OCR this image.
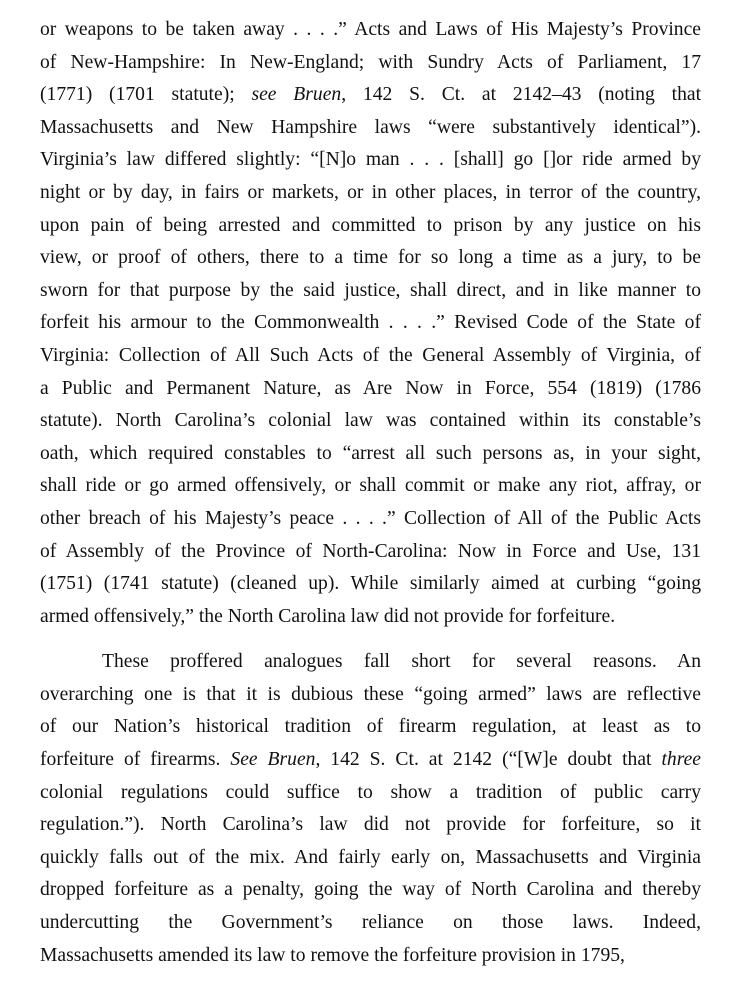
or weapons to be taken away . . . .” Acts and Laws of His Majesty’s Province
of New-Hampshire: In New-England; with Sundry Acts of Parliament, 17
(1771) (1701 statute); see Bruen, 142 S. Ct. at 2142–43 (noting that
Massachusetts and New Hampshire laws “were substantively identical”).
Virginia’s law differed slightly: “[N]o man . . . [shall] go []or ride armed by
night or by day, in fairs or markets, or in other places, in terror of the country,
upon pain of being arrested and committed to prison by any justice on his
view, or proof of others, there to a time for so long a time as a jury, to be
sworn for that purpose by the said justice, shall direct, and in like manner to
forfeit his armour to the Commonwealth . . . .” Revised Code of the State of
Virginia: Collection of All Such Acts of the General Assembly of Virginia, of
a Public and Permanent Nature, as Are Now in Force, 554 (1819) (1786
statute). North Carolina’s colonial law was contained within its constable’s
oath, which required constables to “arrest all such persons as, in your sight,
shall ride or go armed offensively, or shall commit or make any riot, affray, or
other breach of his Majesty’s peace . . . .” Collection of All of the Public Acts
of Assembly of the Province of North-Carolina: Now in Force and Use, 131
(1751) (1741 statute) (cleaned up). While similarly aimed at curbing “going
armed offensively,” the North Carolina law did not provide for forfeiture.
These proffered analogues fall short for several reasons. An
overarching one is that it is dubious these “going armed” laws are reflective
of our Nation’s historical tradition of firearm regulation, at least as to
forfeiture of firearms. See Bruen, 142 S. Ct. at 2142 (“[W]e doubt that three
colonial regulations could suffice to show a tradition of public carry
regulation.”). North Carolina’s law did not provide for forfeiture, so it
quickly falls out of the mix. And fairly early on, Massachusetts and Virginia
dropped forfeiture as a penalty, going the way of North Carolina and thereby
undercutting the Government’s reliance on those laws. Indeed,
Massachusetts amended its law to remove the forfeiture provision in 1795,
